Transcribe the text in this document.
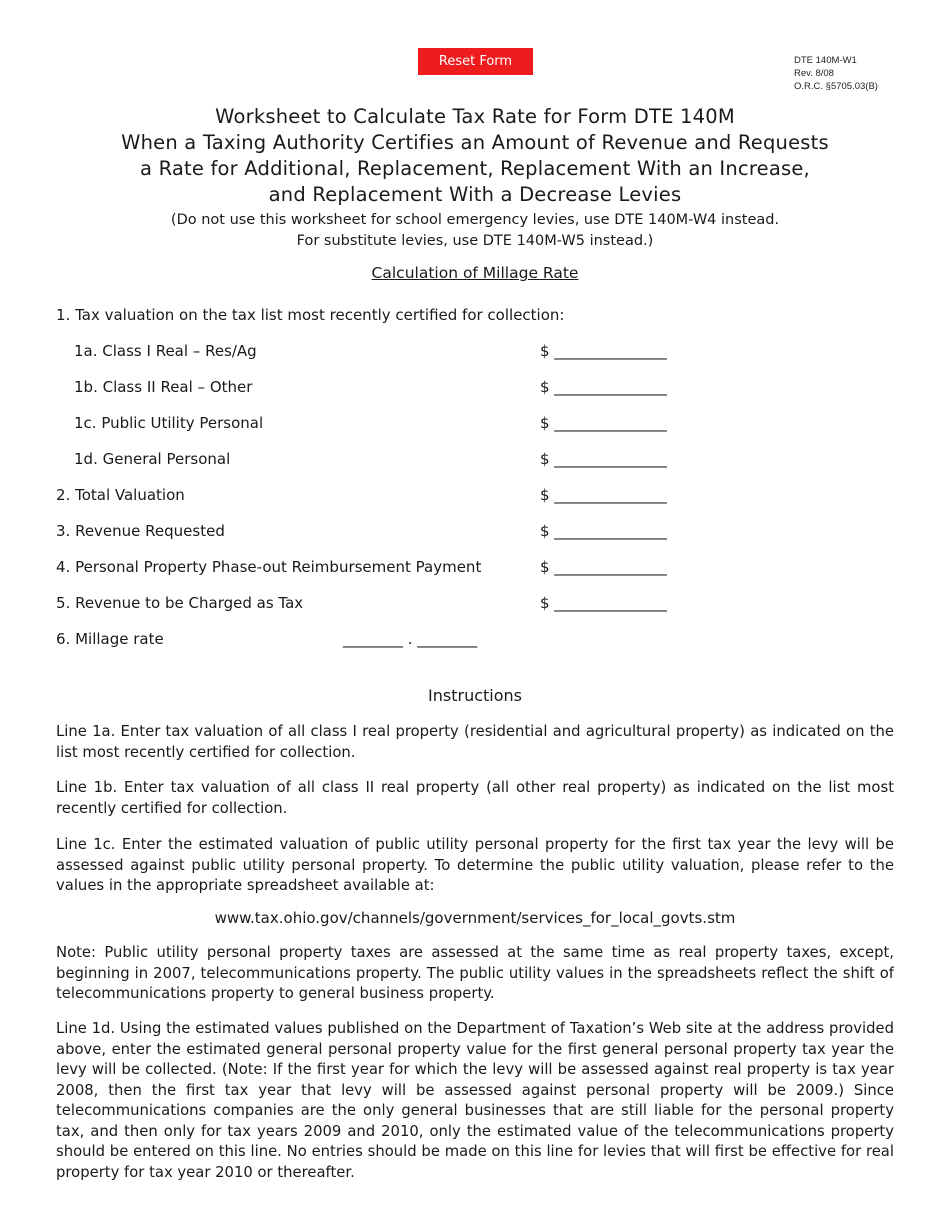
Reset Form	DTE 140M-W1
Rev. 8/08
O.R.C. §5705.03(B)
Worksheet to Calculate Tax Rate for Form DTE 140M
When a Taxing Authority Certifies an Amount of Revenue and Requests
a Rate for Additional, Replacement, Replacement With an Increase,
and Replacement With a Decrease Levies
(Do not use this worksheet for school emergency levies, use DTE 140M-W4 instead.
For substitute levies, use DTE 140M-W5 instead.)
Calculation of Millage Rate
1. Tax valuation on the tax list most recently certified for collection:
1a. Class I Real – Res/Ag	$ _______________
1b. Class II Real – Other	$ _______________
1c. Public Utility Personal	$ _______________
1d. General Personal	$ _______________
2. Total Valuation	$ _______________
3. Revenue Requested	$ _______________
4. Personal Property Phase-out Reimbursement Payment	$ _______________
5. Revenue to be Charged as Tax	$ _______________
6. Millage rate	________ . ________
Instructions
Line 1a. Enter tax valuation of all class I real property (residential and agricultural property) as indicated on the list most recently certified for collection.
Line 1b. Enter tax valuation of all class II real property (all other real property) as indicated on the list most recently certified for collection.
Line 1c. Enter the estimated valuation of public utility personal property for the first tax year the levy will be assessed against public utility personal property. To determine the public utility valuation, please refer to the values in the appropriate spreadsheet available at:
www.tax.ohio.gov/channels/government/services_for_local_govts.stm
Note: Public utility personal property taxes are assessed at the same time as real property taxes, except, beginning in 2007, telecommunications property. The public utility values in the spreadsheets reflect the shift of telecommunications property to general business property.
Line 1d. Using the estimated values published on the Department of Taxation’s Web site at the address provided above, enter the estimated general personal property value for the first general personal property tax year the levy will be collected. (Note: If the first year for which the levy will be assessed against real property is tax year 2008, then the first tax year that levy will be assessed against personal property will be 2009.) Since telecommunications companies are the only general businesses that are still liable for the personal property tax, and then only for tax years 2009 and 2010, only the estimated value of the telecommunications property should be entered on this line. No entries should be made on this line for levies that will first be effective for real property for tax year 2010 or thereafter.
